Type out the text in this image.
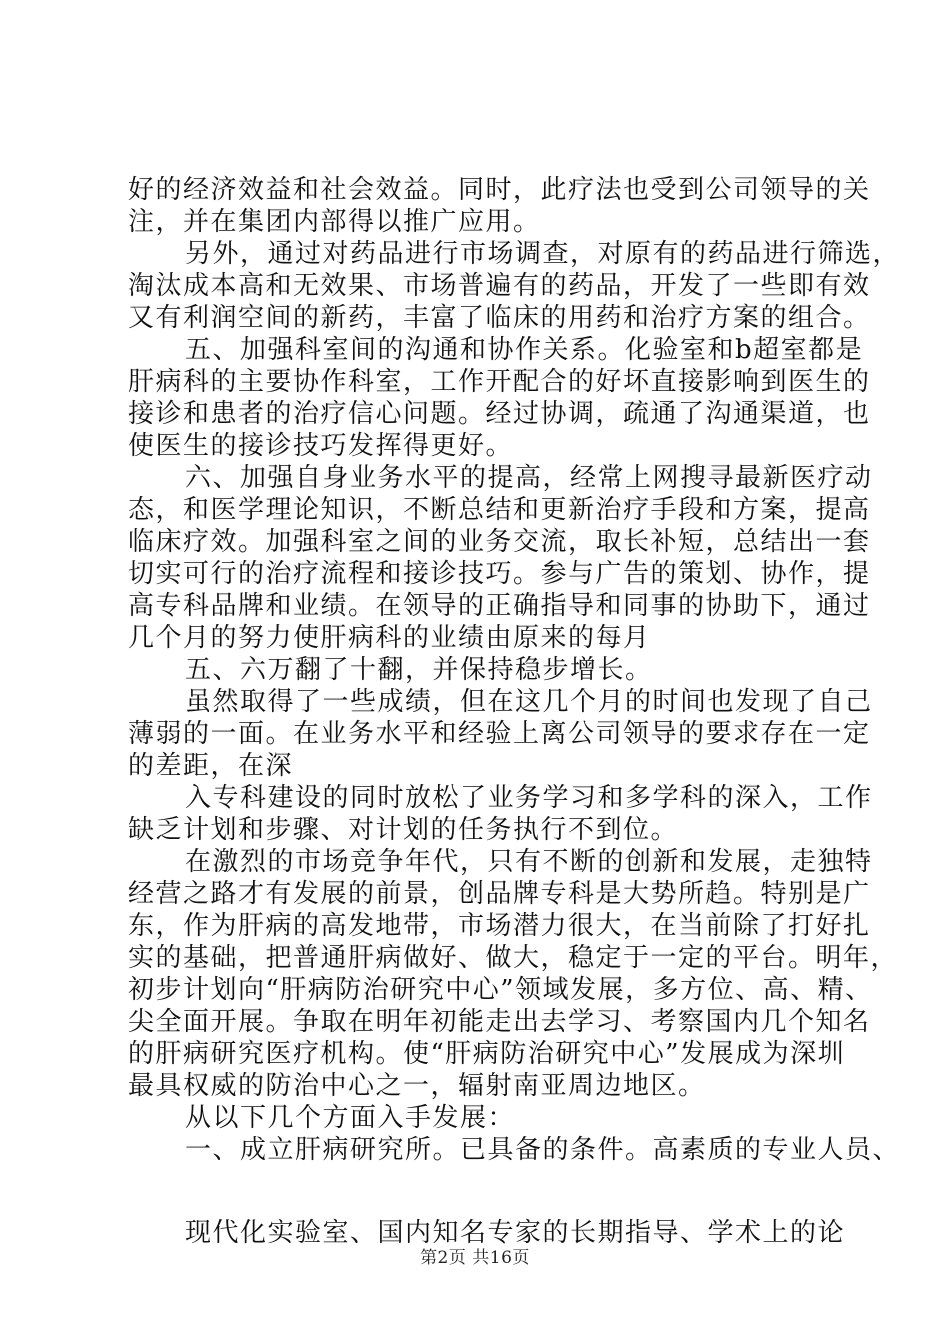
好的经济效益和社会效益。同时，此疗法也受到公司领导的关
注，并在集团内部得以推广应用。
另外，通过对药品进行市场调查，对原有的药品进行筛选，
淘汰成本高和无效果、市场普遍有的药品，开发了一些即有效
又有利润空间的新药，丰富了临床的用药和治疗方案的组合。
五、加强科室间的沟通和协作关系。化验室和b超室都是
肝病科的主要协作科室，工作开配合的好坏直接影响到医生的
接诊和患者的治疗信心问题。经过协调，疏通了沟通渠道，也
使医生的接诊技巧发挥得更好。
六、加强自身业务水平的提高，经常上网搜寻最新医疗动
态，和医学理论知识，不断总结和更新治疗手段和方案，提高
临床疗效。加强科室之间的业务交流，取长补短，总结出一套
切实可行的治疗流程和接诊技巧。参与广告的策划、协作，提
高专科品牌和业绩。在领导的正确指导和同事的协助下，通过
几个月的努力使肝病科的业绩由原来的每月
五、六万翻了十翻，并保持稳步增长。
虽然取得了一些成绩，但在这几个月的时间也发现了自己
薄弱的一面。在业务水平和经验上离公司领导的要求存在一定
的差距，在深
入专科建设的同时放松了业务学习和多学科的深入，工作
缺乏计划和步骤、对计划的任务执行不到位。
在激烈的市场竞争年代，只有不断的创新和发展，走独特
经营之路才有发展的前景，创品牌专科是大势所趋。特别是广
东，作为肝病的高发地带，市场潜力很大，在当前除了打好扎
实的基础，把普通肝病做好、做大，稳定于一定的平台。明年，
初步计划向“肝病防治研究中心”领域发展，多方位、高、精、
尖全面开展。争取在明年初能走出去学习、考察国内几个知名
的肝病研究医疗机构。使“肝病防治研究中心”发展成为深圳
最具权威的防治中心之一，辐射南亚周边地区。
从以下几个方面入手发展：
一、成立肝病研究所。已具备的条件。高素质的专业人员、
现代化实验室、国内知名专家的长期指导、学术上的论
第2页 共16页
